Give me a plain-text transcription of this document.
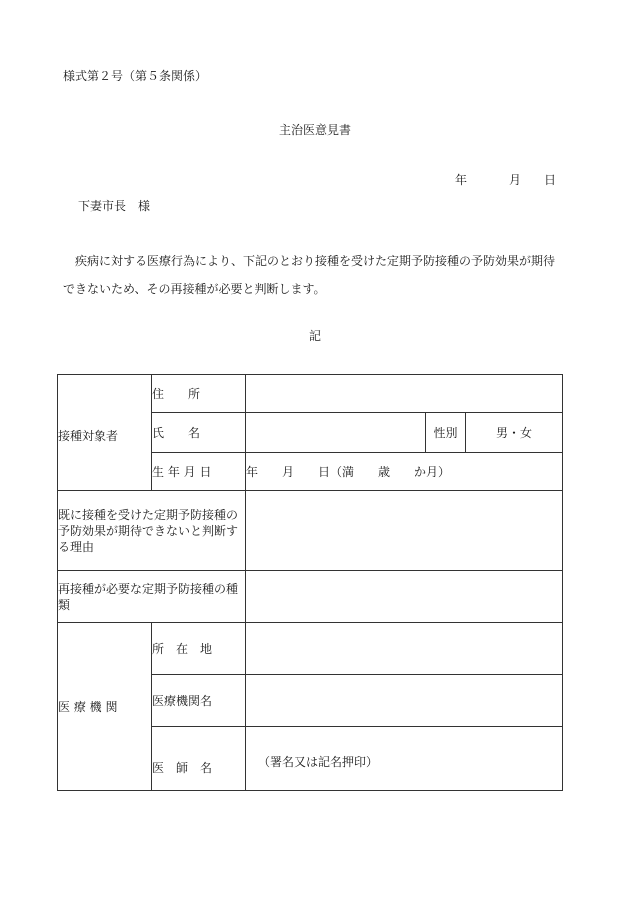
様式第２号（第５条関係）
主治医意見書
年	月 日
下妻市長　様
疾病に対する医療行為により、下記のとおり接種を受けた定期予防接種の予防効果が期待できないため、その再接種が必要と判断します。
記
接種対象者	住　　所			
	氏　　名		性別	男・女
	生 年 月 日	年　　月　　日（満　　歳　　か月）		
既に接種を受けた定期予防接種の予防効果が期待できないと判断する理由				
再接種が必要な定期予防接種の種類				
医 療 機 関	所　在　地			
	医療機関名			
	医　師　名	（署名又は記名押印）		
